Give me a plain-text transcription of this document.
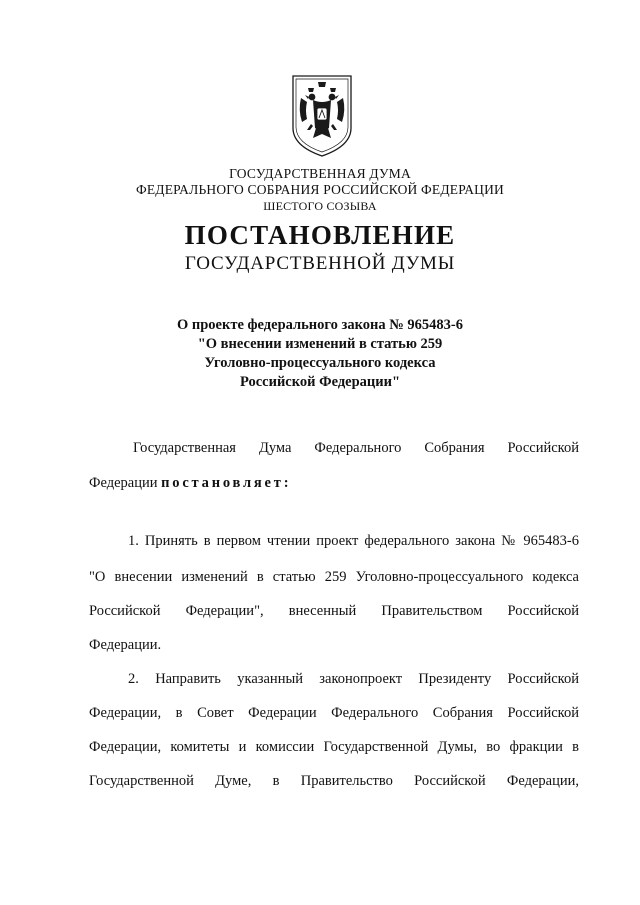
ГОСУДАРСТВЕННАЯ ДУМА
ФЕДЕРАЛЬНОГО СОБРАНИЯ РОССИЙСКОЙ ФЕДЕРАЦИИ
ШЕСТОГО СОЗЫВА
ПОСТАНОВЛЕНИЕ
ГОСУДАРСТВЕННОЙ ДУМЫ
О проекте федерального закона № 965483-6
"О внесении изменений в статью 259
Уголовно-процессуального кодекса
Российской Федерации"
Государственная Дума Федерального Собрания Российской
Федерации постановляет:
1. Принять в первом чтении проект федерального закона № 965483-6
"О внесении изменений в статью 259 Уголовно-процессуального кодекса
Российской Федерации", внесенный Правительством Российской
Федерации.
2. Направить указанный законопроект Президенту Российской
Федерации, в Совет Федерации Федерального Собрания Российской
Федерации, комитеты и комиссии Государственной Думы, во фракции в
Государственной Думе, в Правительство Российской Федерации,
